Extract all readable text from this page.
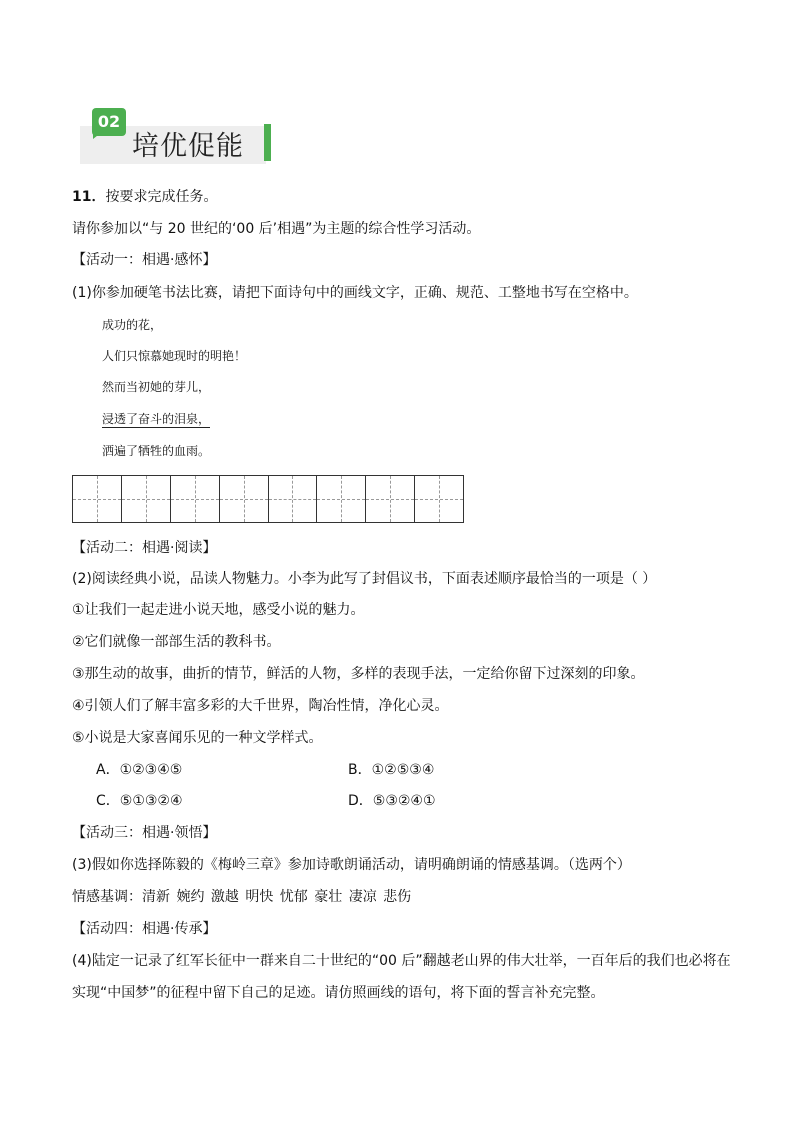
02
培优促能
11．按要求完成任务。
请你参加以“与 20 世纪的‘00 后’相遇”为主题的综合性学习活动。
【活动一：相遇·感怀】
(1)你参加硬笔书法比赛，请把下面诗句中的画线文字，正确、规范、工整地书写在空格中。
成功的花，
人们只惊慕她现时的明艳！
然而当初她的芽儿，
浸透了奋斗的泪泉，
洒遍了牺牲的血雨。
【活动二：相遇·阅读】
(2)阅读经典小说，品读人物魅力。小李为此写了封倡议书，下面表述顺序最恰当的一项是（ ）
①让我们一起走进小说天地，感受小说的魅力。
②它们就像一部部生活的教科书。
③那生动的故事，曲折的情节，鲜活的人物，多样的表现手法，一定给你留下过深刻的印象。
④引领人们了解丰富多彩的大千世界，陶冶性情，净化心灵。
⑤小说是大家喜闻乐见的一种文学样式。
A．①②③④⑤	B．①②⑤③④
C．⑤①③②④	D．⑤③②④①
【活动三：相遇·领悟】
(3)假如你选择陈毅的《梅岭三章》参加诗歌朗诵活动，请明确朗诵的情感基调。（选两个）
情感基调：清新 婉约 激越 明快 忧郁 豪壮 凄凉 悲伤
【活动四：相遇·传承】
(4)陆定一记录了红军长征中一群来自二十世纪的“00 后”翻越老山界的伟大壮举，一百年后的我们也必将在
实现“中国梦”的征程中留下自己的足迹。请仿照画线的语句，将下面的誓言补充完整。
